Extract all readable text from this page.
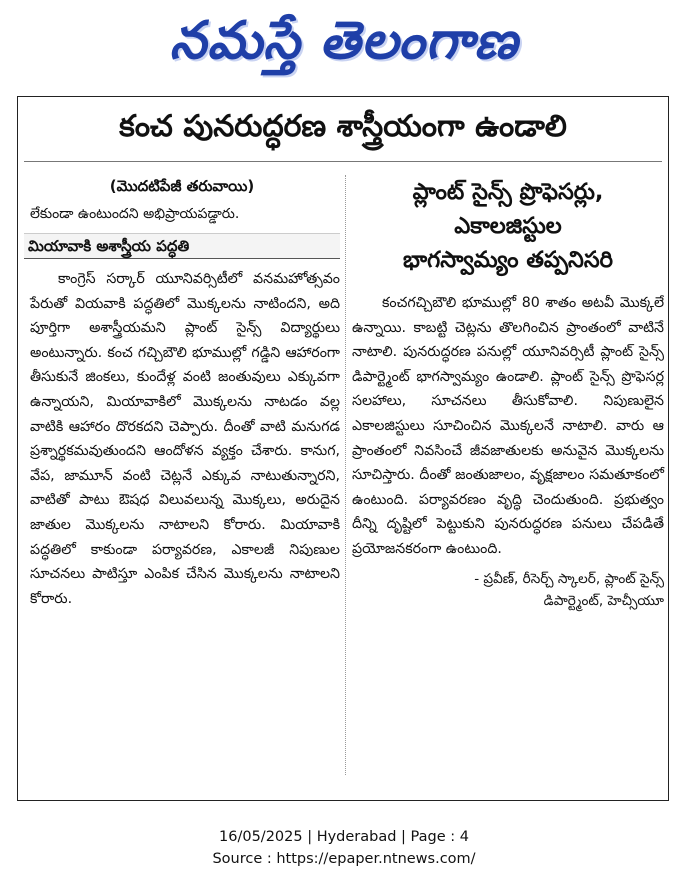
నమస్తే తెలంగాణ
కంచ పునరుద్ధరణ శాస్త్రీయంగా ఉండాలి
(మొదటిపేజీ తరువాయి)
లేకుండా ఉంటుందని అభిప్రాయపడ్డారు.
మియావాకి అశాస్త్రీయ పద్ధతి
కాంగ్రెస్ సర్కార్ యూనివర్సిటీలో వనమహోత్సవం పేరుతో వియవాకి పద్ధతిలో మొక్కలను నాటిందని, అది పూర్తిగా అశాస్త్రీయమని ప్లాంట్ సైన్స్ విద్యార్థులు అంటున్నారు. కంచ గచ్చిబౌలి భూముల్లో గడ్డిని ఆహారంగా తీసుకునే జింకలు, కుందేళ్ల వంటి జంతువులు ఎక్కువగా ఉన్నాయని, మియావాకిలో మొక్కలను నాటడం వల్ల వాటికి ఆహారం దొరకదని చెప్పారు. దీంతో వాటి మనుగడ ప్రశ్నార్థకమవుతుందని ఆందోళన వ్యక్తం చేశారు. కానుగ, వేప, జామూన్ వంటి చెట్లనే ఎక్కువ నాటుతున్నారని, వాటితో పాటు ఔషధ విలువలున్న మొక్కలు, అరుదైన జాతుల మొక్కలను నాటాలని కోరారు. మియావాకి పద్ధతిలో కాకుండా పర్యావరణ, ఎకాలజీ నిపుణుల సూచనలు పాటిస్తూ ఎంపిక చేసిన మొక్కలను నాటాలని కోరారు.
ప్లాంట్ సైన్స్ ప్రొఫెసర్లు,
ఎకాలజిస్టుల
భాగస్వామ్యం తప్పనిసరి
కంచగచ్చిబౌలి భూముల్లో 80 శాతం అటవీ మొక్కలే ఉన్నాయి. కాబట్టి చెట్లను తొలగించిన ప్రాంతంలో వాటినే నాటాలి. పునరుద్ధరణ పనుల్లో యూనివర్సిటీ ప్లాంట్ సైన్స్ డిపార్ట్మెంట్ భాగస్వామ్యం ఉండాలి. ప్లాంట్ సైన్స్ ప్రొఫెసర్ల సలహాలు, సూచనలు తీసుకోవాలి. నిపుణులైన ఎకాలజిస్టులు సూచించిన మొక్కలనే నాటాలి. వారు ఆ ప్రాంతంలో నివసించే జీవజాతులకు అనువైన మొక్కలను సూచిస్తారు. దీంతో జంతుజాలం, వృక్షజాలం సమతూకంలో ఉంటుంది. పర్యావరణం వృద్ధి చెందుతుంది. ప్రభుత్వం దీన్ని దృష్టిలో పెట్టుకుని పునరుద్ధరణ పనులు చేపడితే ప్రయోజనకరంగా ఉంటుంది.
- ప్రవీణ్, రీసెర్చ్ స్కాలర్, ప్లాంట్ సైన్స్
డిపార్ట్మెంట్, హెచ్సీయూ
16/05/2025 | Hyderabad | Page : 4
Source : https://epaper.ntnews.com/
